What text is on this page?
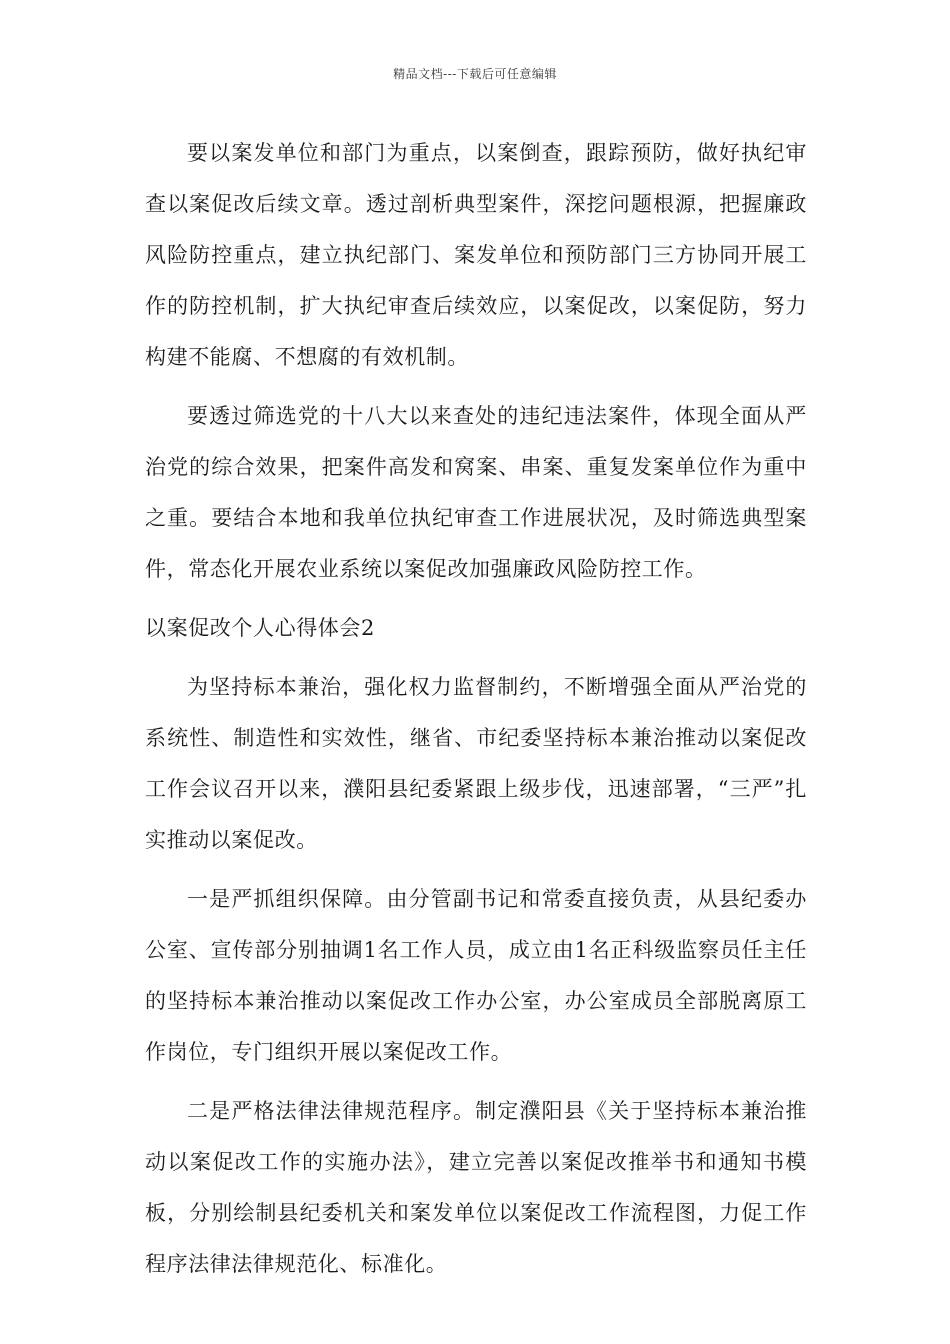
精品文档---下载后可任意编辑

要以案发单位和部门为重点，以案倒查，跟踪预防，做好执纪审查以案促改后续文章。透过剖析典型案件，深挖问题根源，把握廉政风险防控重点，建立执纪部门、案发单位和预防部门三方协同开展工作的防控机制，扩大执纪审查后续效应，以案促改，以案促防，努力构建不能腐、不想腐的有效机制。

要透过筛选党的十八大以来查处的违纪违法案件，体现全面从严治党的综合效果，把案件高发和窝案、串案、重复发案单位作为重中之重。要结合本地和我单位执纪审查工作进展状况，及时筛选典型案件，常态化开展农业系统以案促改加强廉政风险防控工作。

以案促改个人心得体会2

为坚持标本兼治，强化权力监督制约，不断增强全面从严治党的系统性、制造性和实效性，继省、市纪委坚持标本兼治推动以案促改工作会议召开以来，濮阳县纪委紧跟上级步伐，迅速部署，“三严”扎实推动以案促改。

一是严抓组织保障。由分管副书记和常委直接负责，从县纪委办公室、宣传部分别抽调1名工作人员，成立由1名正科级监察员任主任的坚持标本兼治推动以案促改工作办公室，办公室成员全部脱离原工作岗位，专门组织开展以案促改工作。

二是严格法律法律规范程序。制定濮阳县《关于坚持标本兼治推动以案促改工作的实施办法》，建立完善以案促改推举书和通知书模板，分别绘制县纪委机关和案发单位以案促改工作流程图，力促工作程序法律法律规范化、标准化。
